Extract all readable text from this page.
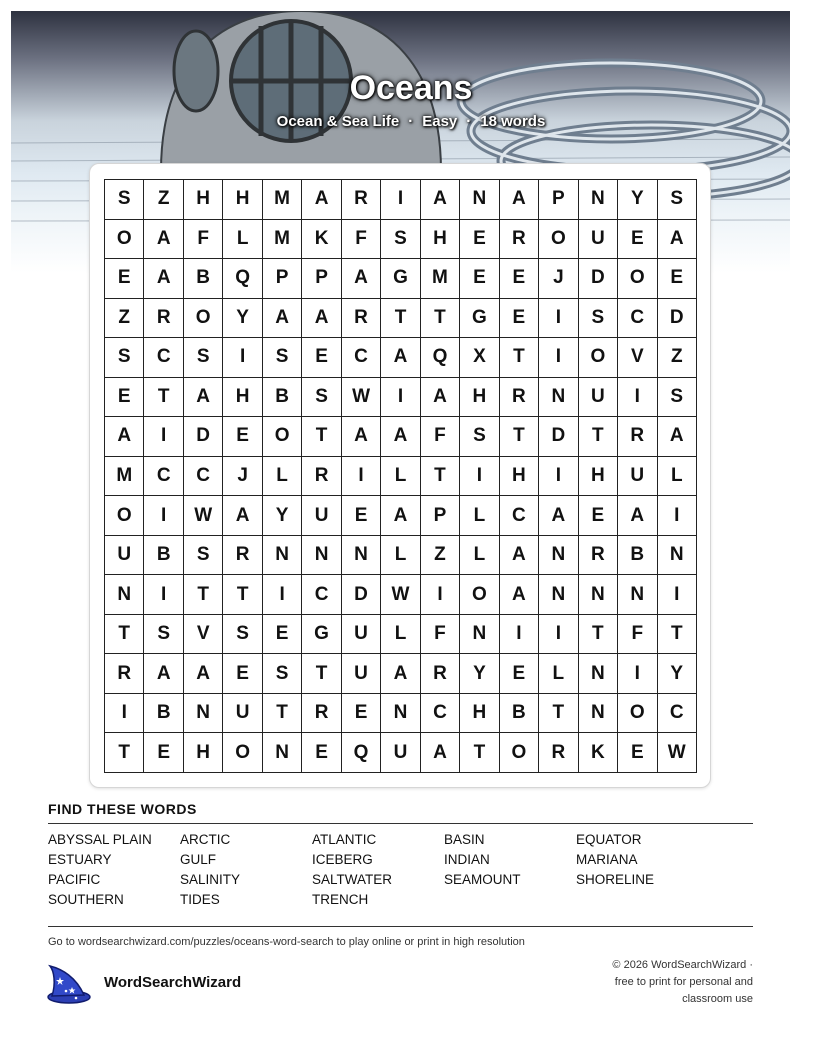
Oceans
Ocean & Sea Life · Easy · 18 words
S	Z	H	H	M	A	R	I	A	N	A	P	N	Y	S
O	A	F	L	M	K	F	S	H	E	R	O	U	E	A
E	A	B	Q	P	P	A	G	M	E	E	J	D	O	E
Z	R	O	Y	A	A	R	T	T	G	E	I	S	C	D
S	C	S	I	S	E	C	A	Q	X	T	I	O	V	Z
E	T	A	H	B	S	W	I	A	H	R	N	U	I	S
A	I	D	E	O	T	A	A	F	S	T	D	T	R	A
M	C	C	J	L	R	I	L	T	I	H	I	H	U	L
O	I	W	A	Y	U	E	A	P	L	C	A	E	A	I
U	B	S	R	N	N	N	L	Z	L	A	N	R	B	N
N	I	T	T	I	C	D	W	I	O	A	N	N	N	I
T	S	V	S	E	G	U	L	F	N	I	I	T	F	T
R	A	A	E	S	T	U	A	R	Y	E	L	N	I	Y
I	B	N	U	T	R	E	N	C	H	B	T	N	O	C
T	E	H	O	N	E	Q	U	A	T	O	R	K	E	W
FIND THESE WORDS
ABYSSAL PLAIN	ARCTIC	ATLANTIC	BASIN	EQUATOR
ESTUARY	GULF	ICEBERG	INDIAN	MARIANA
PACIFIC	SALINITY	SALTWATER	SEAMOUNT	SHORELINE
SOUTHERN	TIDES	TRENCH
Go to wordsearchwizard.com/puzzles/oceans-word-search to play online or print in high resolution
WordSearchWizard
© 2026 WordSearchWizard ·
free to print for personal and
classroom use
